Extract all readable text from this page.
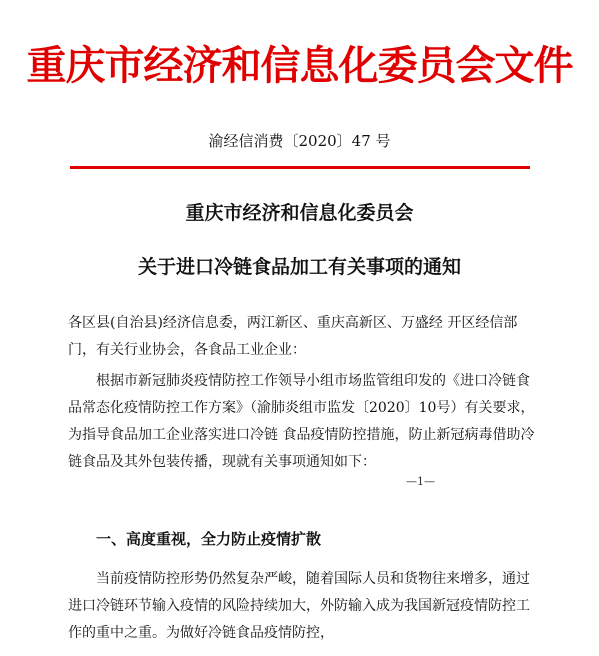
重庆市经济和信息化委员会文件
渝经信消费〔2020〕47 号
重庆市经济和信息化委员会
关于进口冷链食品加工有关事项的通知
各区县(自治县)经济信息委，两江新区、重庆高新区、万盛经 开区经信部门，有关行业协会，各食品工业企业：
根据市新冠肺炎疫情防控工作领导小组市场监管组印发的《进口冷链食品常态化疫情防控工作方案》（渝肺炎组市监发〔2020〕10号）有关要求，为指导食品加工企业落实进口冷链 食品疫情防控措施，防止新冠病毒借助冷链食品及其外包装传播，现就有关事项通知如下：
—1—
一、高度重视，全力防止疫情扩散
当前疫情防控形势仍然复杂严峻，随着国际人员和货物往来增多，通过进口冷链环节输入疫情的风险持续加大，外防输入成为我国新冠疫情防控工作的重中之重。为做好冷链食品疫情防控，
